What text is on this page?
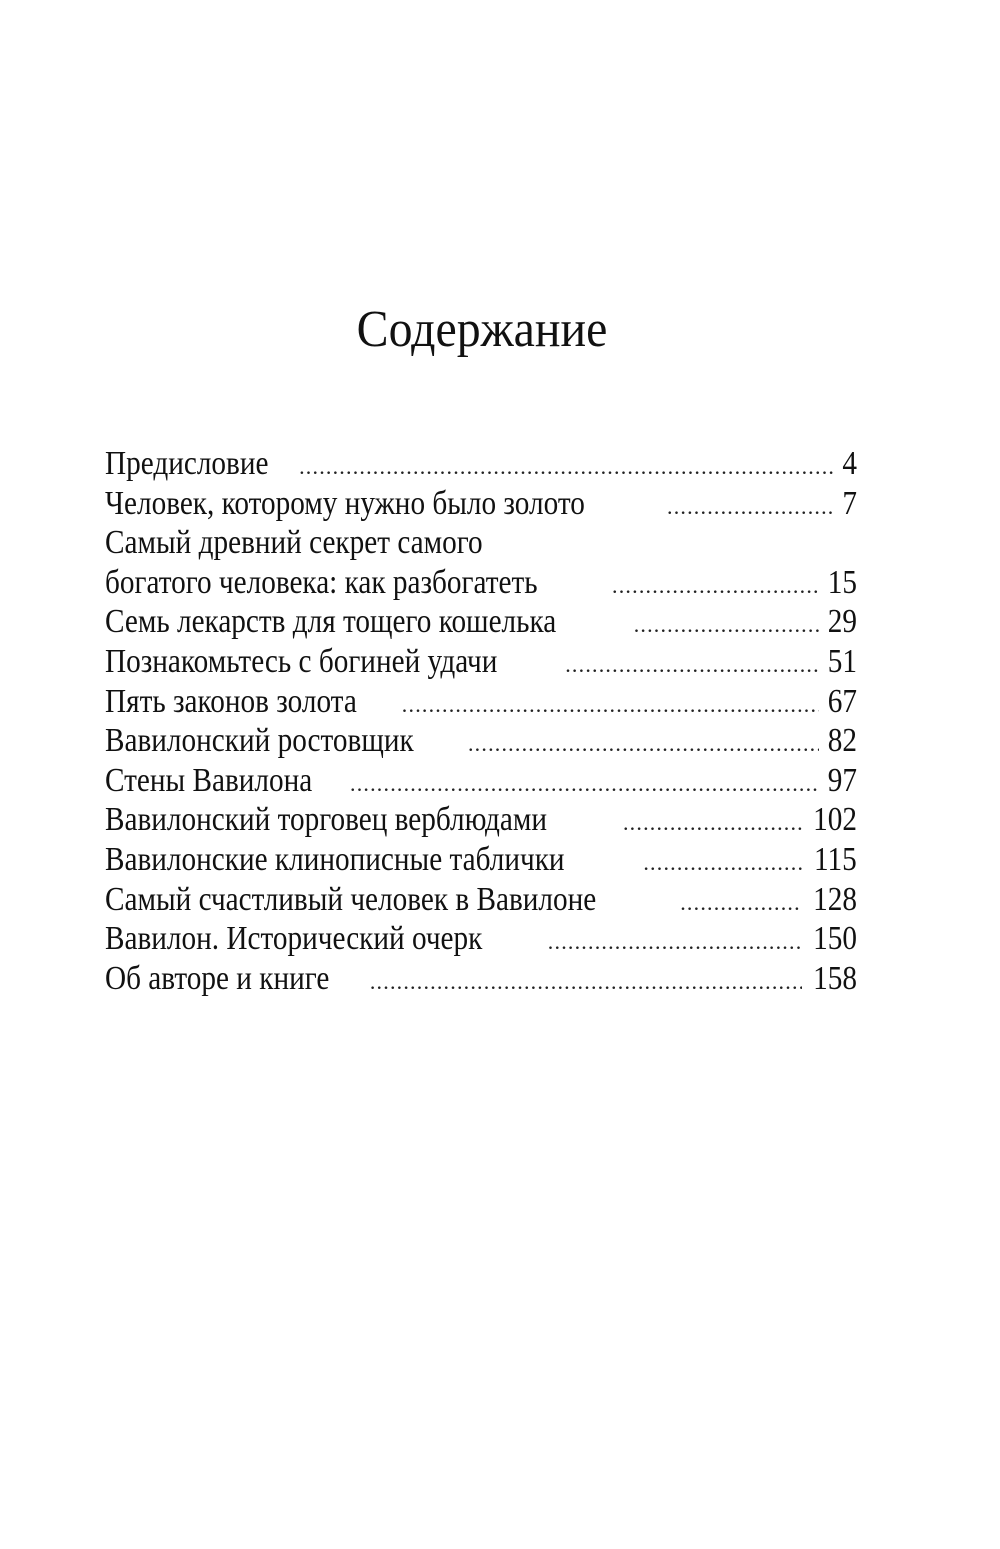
Содержание
Предисловие .....	4
Человек, которому нужно было золото .....	7
Самый древний секрет самого
богатого человека: как разбогатеть .....	15
Семь лекарств для тощего кошелька .....	29
Познакомьтесь с богиней удачи .....	51
Пять законов золота .....	67
Вавилонский ростовщик .....	82
Стены Вавилона .....	97
Вавилонский торговец верблюдами .....	102
Вавилонские клинописные таблички .....	115
Самый счастливый человек в Вавилоне .....	128
Вавилон. Исторический очерк .....	150
Об авторе и книге .....	158
